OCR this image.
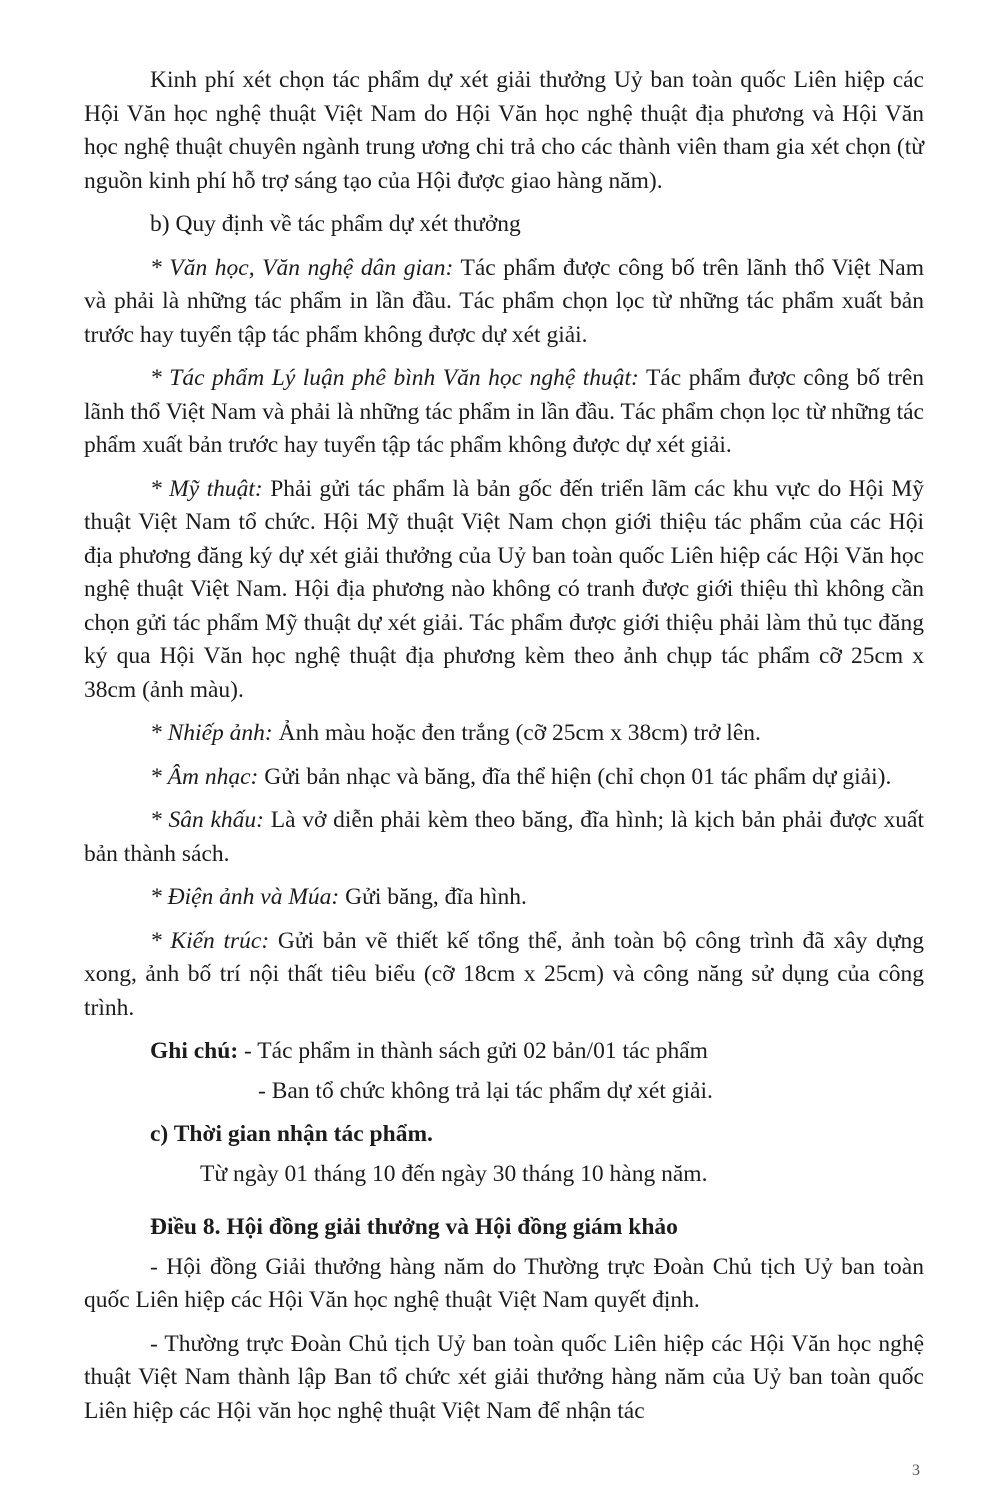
Kinh phí xét chọn tác phẩm dự xét giải thưởng Uỷ ban toàn quốc Liên hiệp các Hội Văn học nghệ thuật Việt Nam do Hội Văn học nghệ thuật địa phương và Hội Văn học nghệ thuật chuyên ngành trung ương chi trả cho các thành viên tham gia xét chọn (từ nguồn kinh phí hỗ trợ sáng tạo của Hội được giao hàng năm).

b) Quy định về tác phẩm dự xét thưởng

* Văn học, Văn nghệ dân gian: Tác phẩm được công bố trên lãnh thổ Việt Nam và phải là những tác phẩm in lần đầu. Tác phẩm chọn lọc từ những tác phẩm xuất bản trước hay tuyển tập tác phẩm không được dự xét giải.

* Tác phẩm Lý luận phê bình Văn học nghệ thuật: Tác phẩm được công bố trên lãnh thổ Việt Nam và phải là những tác phẩm in lần đầu. Tác phẩm chọn lọc từ những tác phẩm xuất bản trước hay tuyển tập tác phẩm không được dự xét giải.

* Mỹ thuật: Phải gửi tác phẩm là bản gốc đến triển lãm các khu vực do Hội Mỹ thuật Việt Nam tổ chức. Hội Mỹ thuật Việt Nam chọn giới thiệu tác phẩm của các Hội địa phương đăng ký dự xét giải thưởng của Uỷ ban toàn quốc Liên hiệp các Hội Văn học nghệ thuật Việt Nam. Hội địa phương nào không có tranh được giới thiệu thì không cần chọn gửi tác phẩm Mỹ thuật dự xét giải. Tác phẩm được giới thiệu phải làm thủ tục đăng ký qua Hội Văn học nghệ thuật địa phương kèm theo ảnh chụp tác phẩm cỡ 25cm x 38cm (ảnh màu).

* Nhiếp ảnh: Ảnh màu hoặc đen trắng (cỡ 25cm x 38cm) trở lên.

* Âm nhạc: Gửi bản nhạc và băng, đĩa thể hiện (chỉ chọn 01 tác phẩm dự giải).

* Sân khấu: Là vở diễn phải kèm theo băng, đĩa hình; là kịch bản phải được xuất bản thành sách.

* Điện ảnh và Múa: Gửi băng, đĩa hình.

* Kiến trúc: Gửi bản vẽ thiết kế tổng thể, ảnh toàn bộ công trình đã xây dựng xong, ảnh bố trí nội thất tiêu biểu (cỡ 18cm x 25cm) và công năng sử dụng của công trình.

Ghi chú: - Tác phẩm in thành sách gửi 02 bản/01 tác phẩm

- Ban tổ chức không trả lại tác phẩm dự xét giải.

c) Thời gian nhận tác phẩm.

Từ ngày 01 tháng 10 đến ngày 30 tháng 10 hàng năm.

Điều 8. Hội đồng giải thưởng và Hội đồng giám khảo

- Hội đồng Giải thưởng hàng năm do Thường trực Đoàn Chủ tịch Uỷ ban toàn quốc Liên hiệp các Hội Văn học nghệ thuật Việt Nam quyết định.

- Thường trực Đoàn Chủ tịch Uỷ ban toàn quốc Liên hiệp các Hội Văn học nghệ thuật Việt Nam thành lập Ban tổ chức xét giải thưởng hàng năm của Uỷ ban toàn quốc Liên hiệp các Hội văn học nghệ thuật Việt Nam để nhận tác

3
